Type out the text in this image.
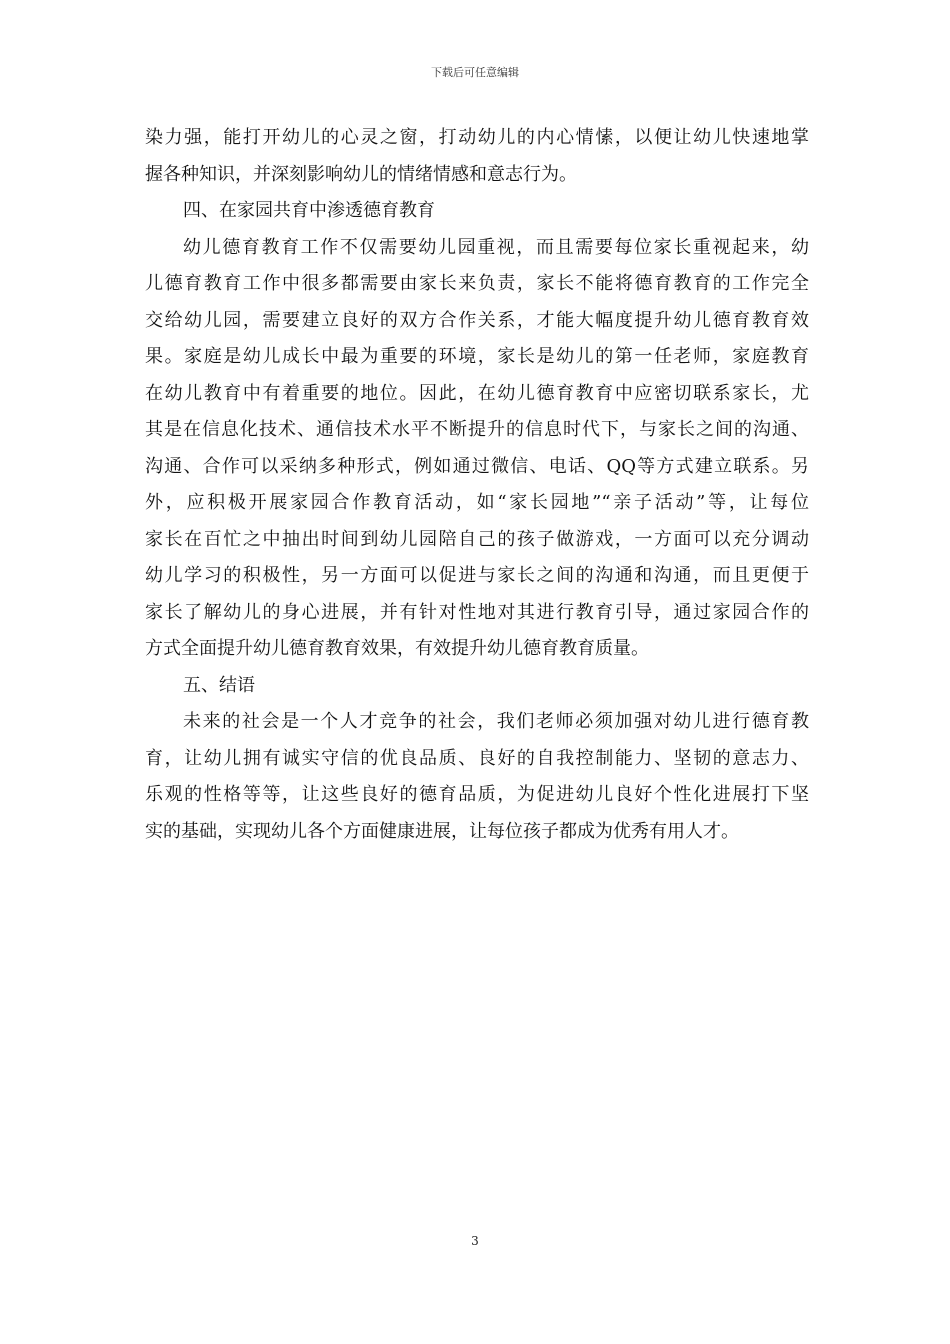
下载后可任意编辑
染力强，能打开幼儿的心灵之窗，打动幼儿的内心情愫，以便让幼儿快速地掌
握各种知识，并深刻影响幼儿的情绪情感和意志行为。
四、在家园共育中渗透德育教育
幼儿德育教育工作不仅需要幼儿园重视，而且需要每位家长重视起来，幼
儿德育教育工作中很多都需要由家长来负责，家长不能将德育教育的工作完全
交给幼儿园，需要建立良好的双方合作关系，才能大幅度提升幼儿德育教育效
果。家庭是幼儿成长中最为重要的环境，家长是幼儿的第一任老师，家庭教育
在幼儿教育中有着重要的地位。因此，在幼儿德育教育中应密切联系家长，尤
其是在信息化技术、通信技术水平不断提升的信息时代下，与家长之间的沟通、
沟通、合作可以采纳多种形式，例如通过微信、电话、QQ等方式建立联系。另
外，应积极开展家园合作教育活动，如“家长园地”“亲子活动”等，让每位
家长在百忙之中抽出时间到幼儿园陪自己的孩子做游戏，一方面可以充分调动
幼儿学习的积极性，另一方面可以促进与家长之间的沟通和沟通，而且更便于
家长了解幼儿的身心进展，并有针对性地对其进行教育引导，通过家园合作的
方式全面提升幼儿德育教育效果，有效提升幼儿德育教育质量。
五、结语
未来的社会是一个人才竞争的社会，我们老师必须加强对幼儿进行德育教
育，让幼儿拥有诚实守信的优良品质、良好的自我控制能力、坚韧的意志力、
乐观的性格等等，让这些良好的德育品质，为促进幼儿良好个性化进展打下坚
实的基础，实现幼儿各个方面健康进展，让每位孩子都成为优秀有用人才。
3
